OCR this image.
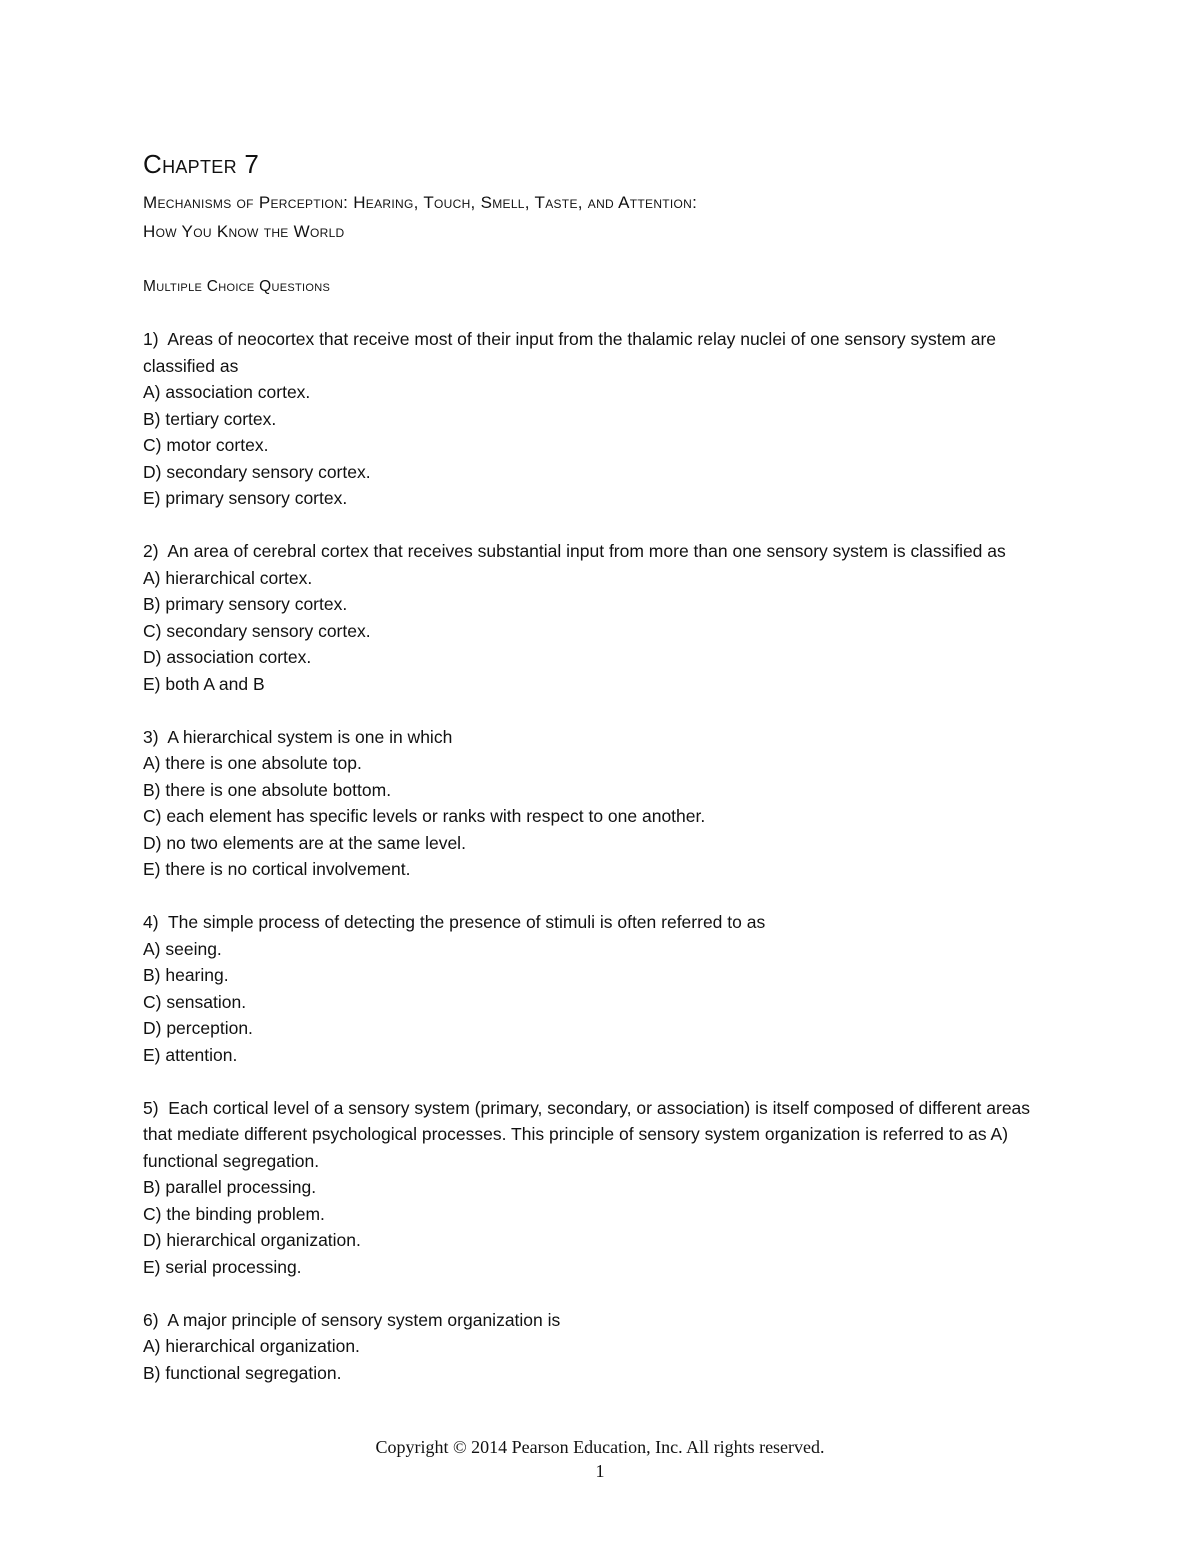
Chapter 7
Mechanisms of Perception: Hearing, Touch, Smell, Taste, and Attention:
How You Know the World
Multiple Choice Questions
1)  Areas of neocortex that receive most of their input from the thalamic relay nuclei of one sensory system are classified as
A) association cortex.
B) tertiary cortex.
C) motor cortex.
D) secondary sensory cortex.
E) primary sensory cortex.
2)  An area of cerebral cortex that receives substantial input from more than one sensory system is classified as
A) hierarchical cortex.
B) primary sensory cortex.
C) secondary sensory cortex.
D) association cortex.
E) both A and B
3)  A hierarchical system is one in which
A) there is one absolute top.
B) there is one absolute bottom.
C) each element has specific levels or ranks with respect to one another.
D) no two elements are at the same level.
E) there is no cortical involvement.
4)  The simple process of detecting the presence of stimuli is often referred to as
A) seeing.
B) hearing.
C) sensation.
D) perception.
E) attention.
5)  Each cortical level of a sensory system (primary, secondary, or association) is itself composed of different areas that mediate different psychological processes. This principle of sensory system organization is referred to as A) functional segregation.
B) parallel processing.
C) the binding problem.
D) hierarchical organization.
E) serial processing.
6)  A major principle of sensory system organization is
A) hierarchical organization.
B) functional segregation.
Copyright © 2014 Pearson Education, Inc. All rights reserved.
1
